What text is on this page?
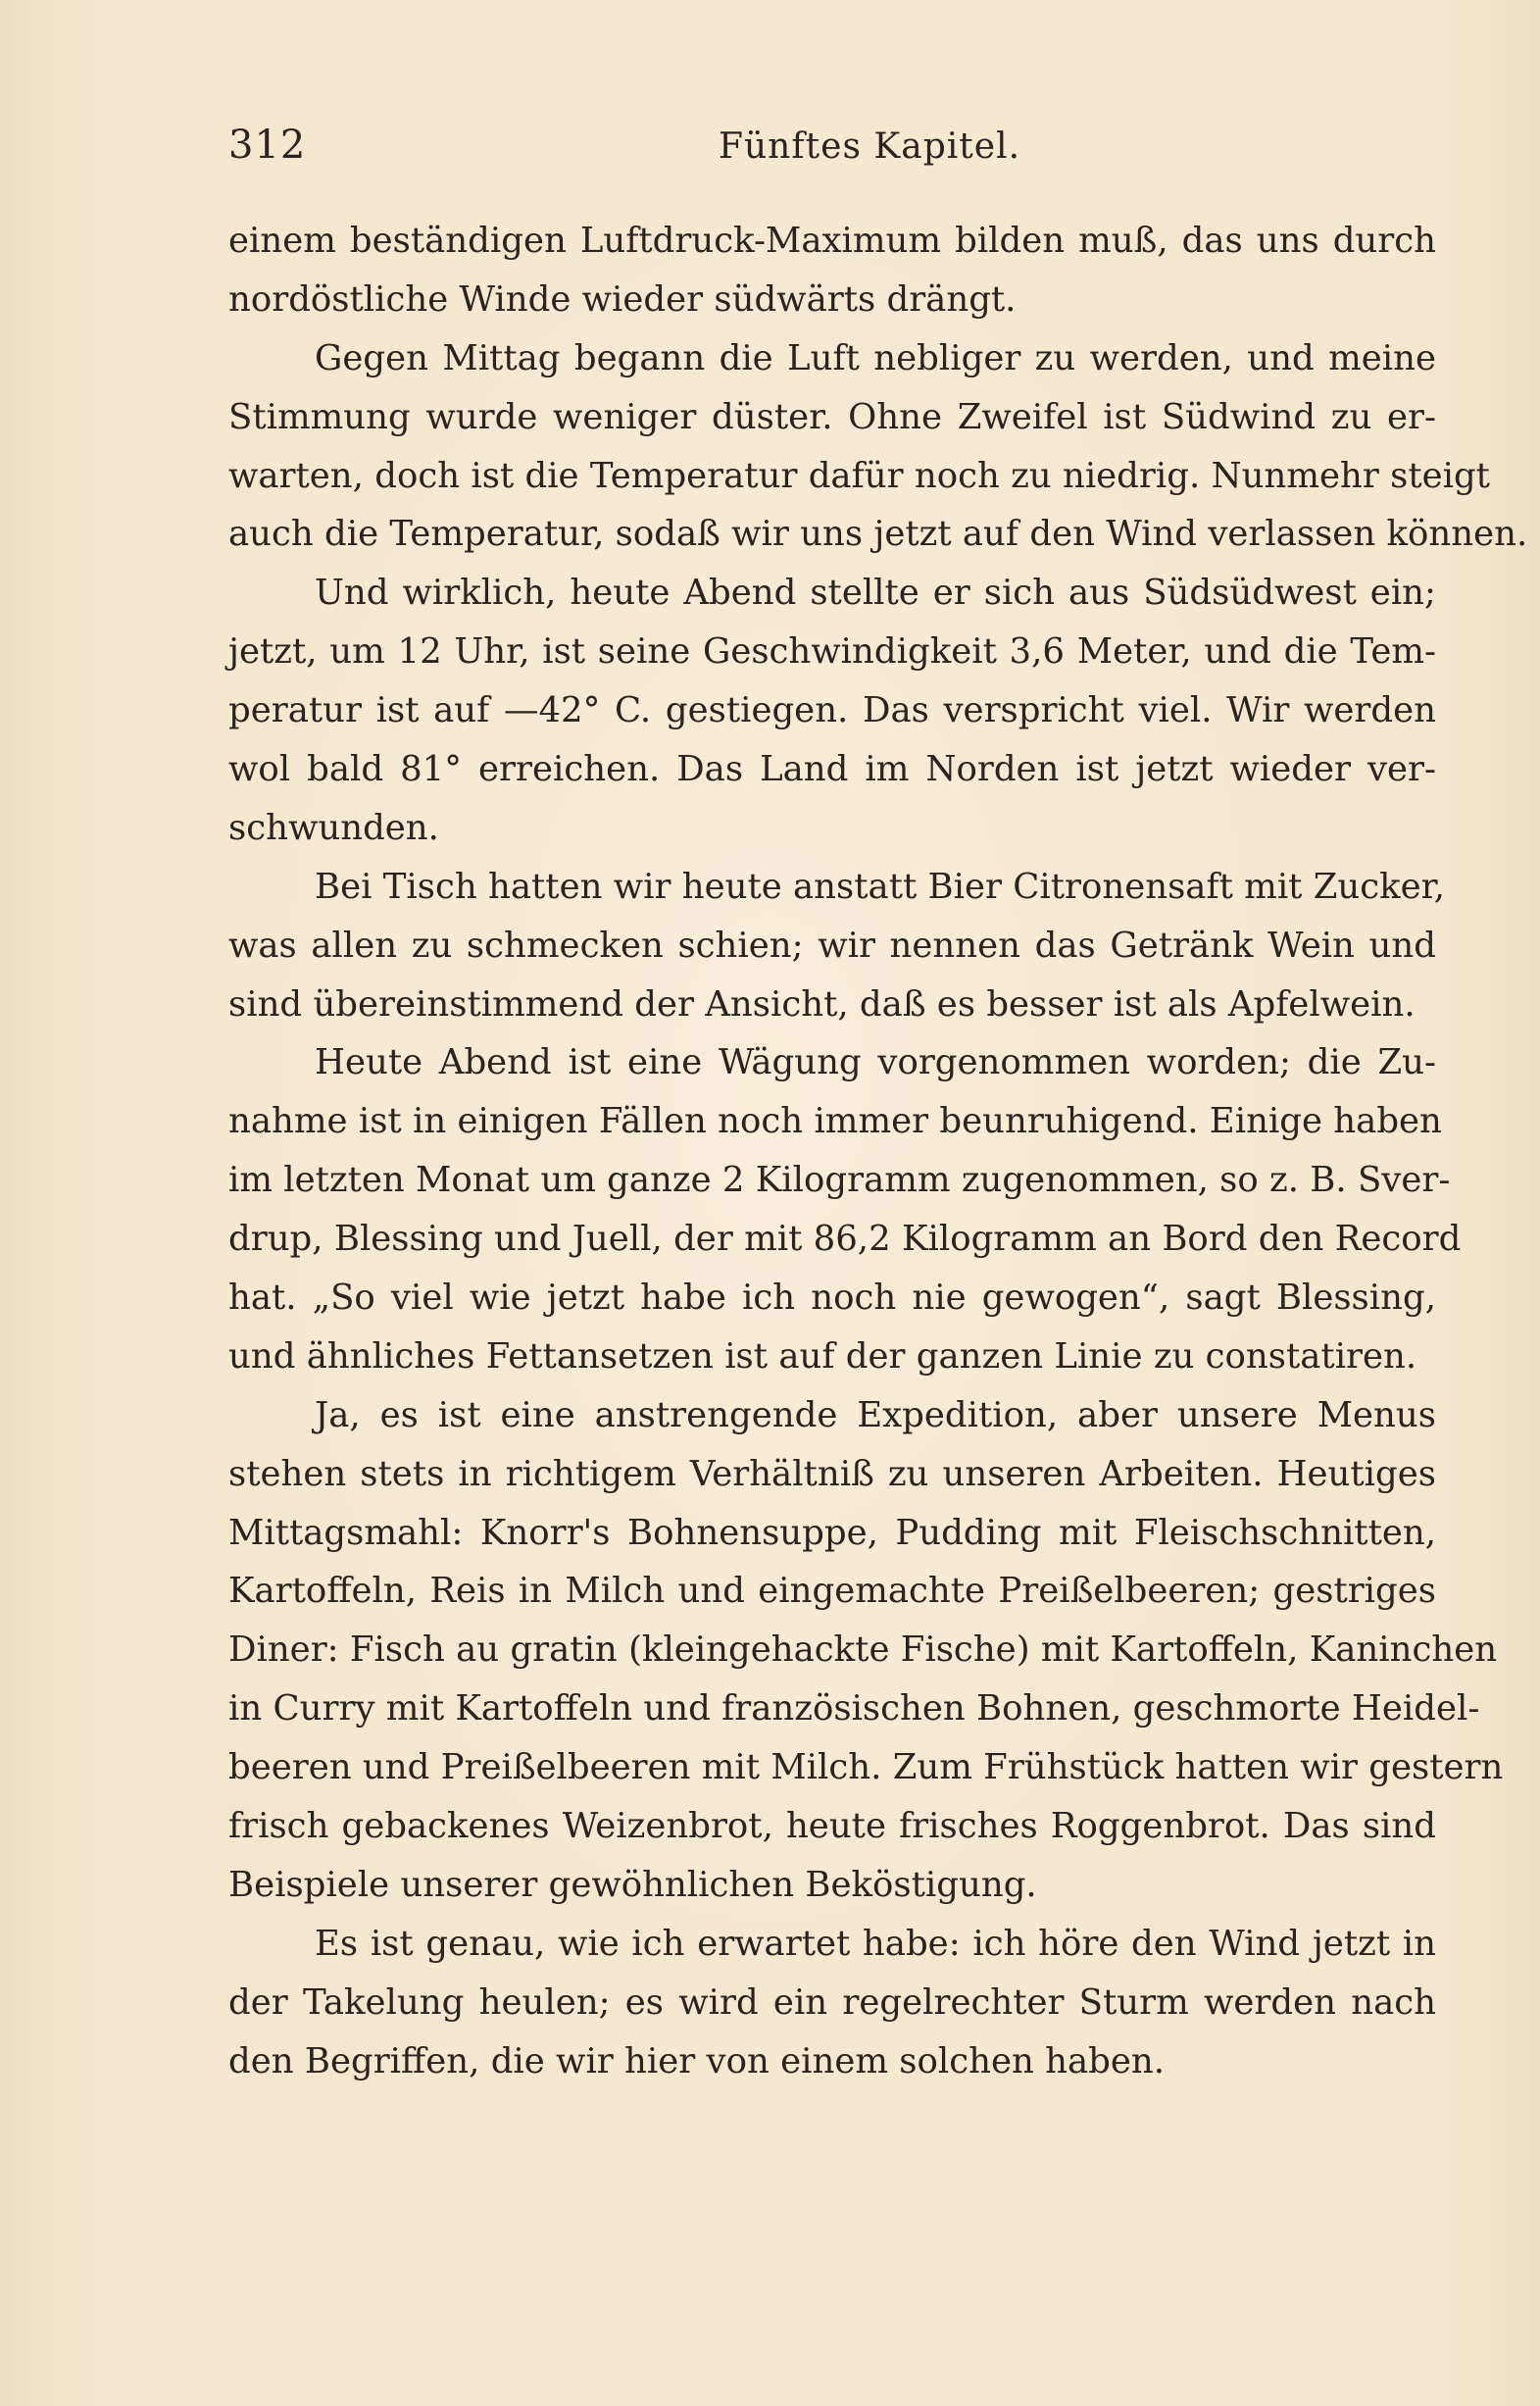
312	Fünftes Kapitel.
einem beständigen Luftdruck-Maximum bilden muß, das uns durch
nordöstliche Winde wieder südwärts drängt.
Gegen Mittag begann die Luft nebliger zu werden, und meine
Stimmung wurde weniger düster. Ohne Zweifel ist Südwind zu er-
warten, doch ist die Temperatur dafür noch zu niedrig. Nunmehr steigt
auch die Temperatur, sodaß wir uns jetzt auf den Wind verlassen können.
Und wirklich, heute Abend stellte er sich aus Südsüdwest ein;
jetzt, um 12 Uhr, ist seine Geschwindigkeit 3,6 Meter, und die Tem-
peratur ist auf —42° C. gestiegen. Das verspricht viel. Wir werden
wol bald 81° erreichen. Das Land im Norden ist jetzt wieder ver-
schwunden.
Bei Tisch hatten wir heute anstatt Bier Citronensaft mit Zucker,
was allen zu schmecken schien; wir nennen das Getränk Wein und
sind übereinstimmend der Ansicht, daß es besser ist als Apfelwein.
Heute Abend ist eine Wägung vorgenommen worden; die Zu-
nahme ist in einigen Fällen noch immer beunruhigend. Einige haben
im letzten Monat um ganze 2 Kilogramm zugenommen, so z. B. Sver-
drup, Blessing und Juell, der mit 86,2 Kilogramm an Bord den Record
hat. „So viel wie jetzt habe ich noch nie gewogen“, sagt Blessing,
und ähnliches Fettansetzen ist auf der ganzen Linie zu constatiren.
Ja, es ist eine anstrengende Expedition, aber unsere Menus
stehen stets in richtigem Verhältniß zu unseren Arbeiten. Heutiges
Mittagsmahl: Knorr's Bohnensuppe, Pudding mit Fleischschnitten,
Kartoffeln, Reis in Milch und eingemachte Preißelbeeren; gestriges
Diner: Fisch au gratin (kleingehackte Fische) mit Kartoffeln, Kaninchen
in Curry mit Kartoffeln und französischen Bohnen, geschmorte Heidel-
beeren und Preißelbeeren mit Milch. Zum Frühstück hatten wir gestern
frisch gebackenes Weizenbrot, heute frisches Roggenbrot. Das sind
Beispiele unserer gewöhnlichen Beköstigung.
Es ist genau, wie ich erwartet habe: ich höre den Wind jetzt in
der Takelung heulen; es wird ein regelrechter Sturm werden nach
den Begriffen, die wir hier von einem solchen haben.
